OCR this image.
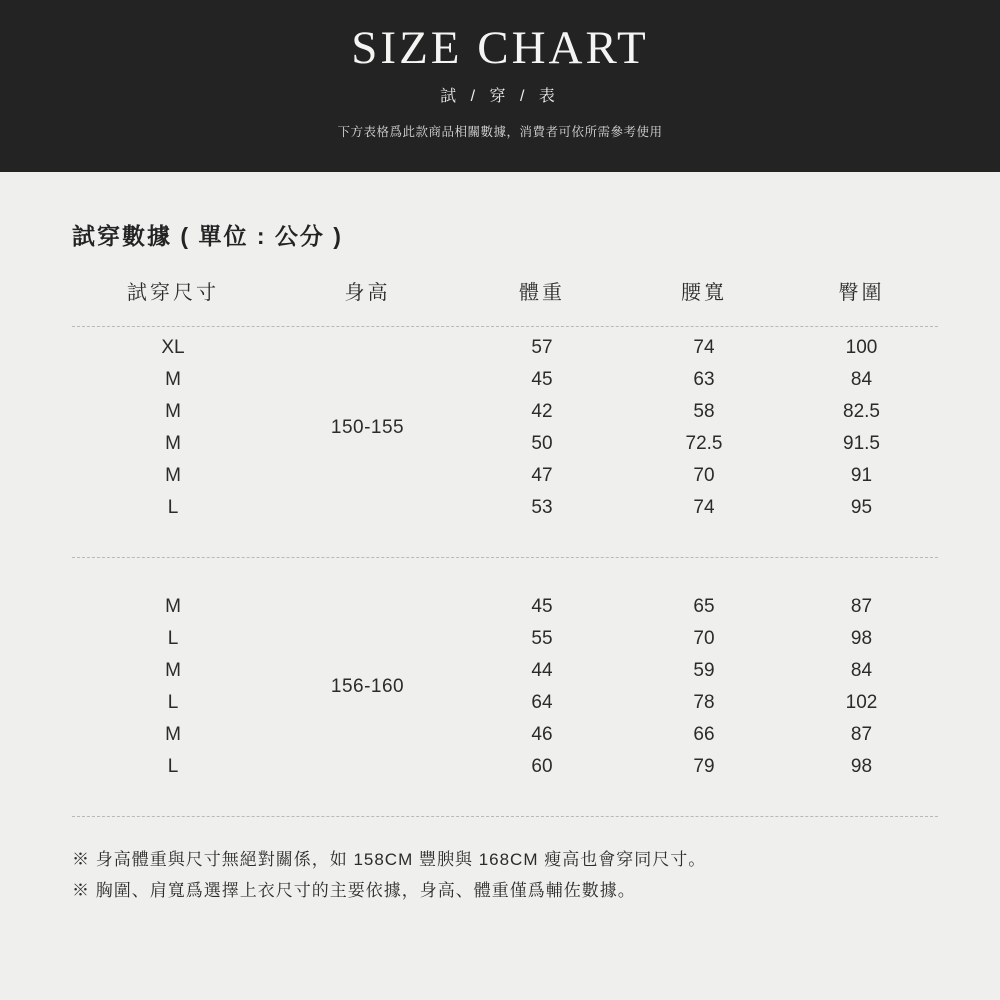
SIZE CHART
試 / 穿 / 表
下方表格爲此款商品相關數據，消費者可依所需參考使用
試穿數據 ( 單位 : 公分 )
試穿尺寸	身高	體重	腰寬	臀圍

XL	150-155	57	74	100
M		45	63	84
M		42	58	82.5
M		50	72.5	91.5
M		47	70	91
L		53	74	95

M	156-160	45	65	87
L		55	70	98
M		44	59	84
L		64	78	102
M		46	66	87
L		60	79	98

※ 身高體重與尺寸無絕對關係，如 158CM 豐腴與 168CM 瘦高也會穿同尺寸。
※ 胸圍、肩寬爲選擇上衣尺寸的主要依據，身高、體重僅爲輔佐數據。
